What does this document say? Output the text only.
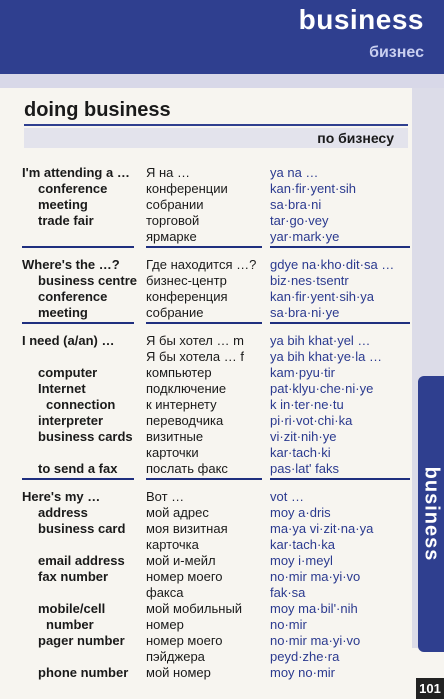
business
бизнес
doing business
по бизнесу
business
101
I'm attending a … Я на …	ya na …
conference	конференции	kan·fir·yent·sih
meeting	собрании	sa·bra·ni
trade fair	торговой	tar·go·vey
ярмарке	yar·mark·ye
Where's the …? Где находится …? gdye na·kho·dit·sa …
business centre бизнес-центр	biz·nes·tsentr
conference	конференция	kan·fir·yent·sih·ya
meeting	собрание	sa·bra·ni·ye
I need (a/an) … Я бы хотел … m ya bih khat·yel …
Я бы хотела … f ya bih khat·ye·la …
computer	компьютер	kam·pyu·tir
Internet	подключение	pat·klyu·che·ni·ye
connection к интернету	k in·ter·ne·tu
interpreter	переводчика	pi·ri·vot·chi·ka
business cards визитные	vi·zit·nih·ye
карточки	kar·tach·ki
to send a fax послать факс	pas·lat' faks
Here's my …	Вот …	vot …
address	мой адрес	moy a·dris
business card моя визитная	ma·ya vi·zit·na·ya
карточка	kar·tach·ka
email address мой и-мейл	moy i·meyl
fax number	номер моего	no·mir ma·yi·vo
факса	fak·sa
mobile/cell	мой мобильный moy ma·bil'·nih
number	номер	no·mir
pager number номер моего	no·mir ma·yi·vo
пэйджера	peyd·zhe·ra
phone number мой номер	moy no·mir
